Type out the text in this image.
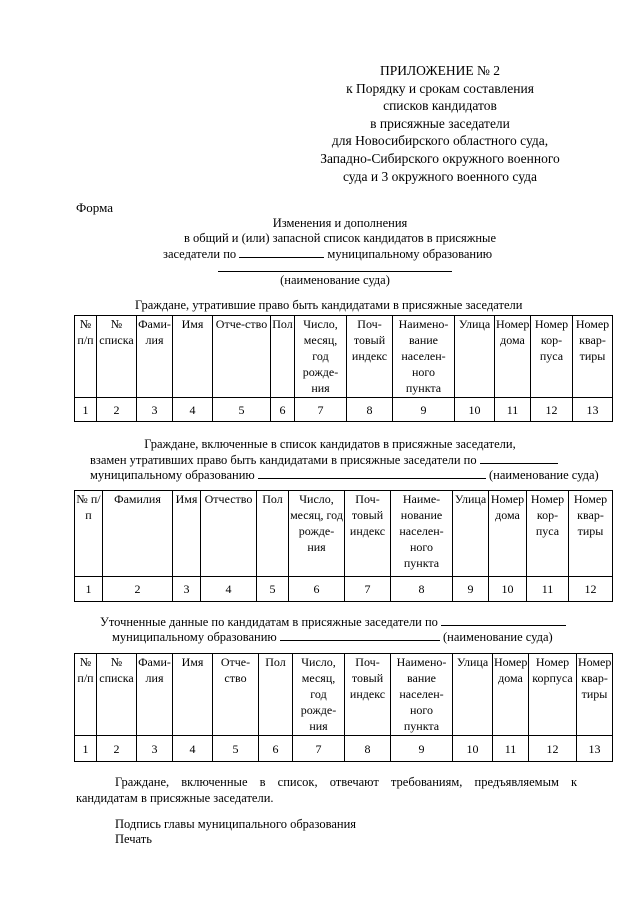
ПРИЛОЖЕНИЕ № 2
к Порядку и срокам составления
списков кандидатов
в присяжные заседатели
для Новосибирского областного суда,
Западно-Сибирского окружного военного
суда и 3 окружного военного суда
Форма
Изменения и дополнения
в общий и (или) запасной список кандидатов в присяжные
заседатели по	муниципальному образованию
(наименование суда)
Граждане, утратившие право быть кандидатами в присяжные заседатели
№ п/п	№ списка	Фами-лия	Имя	Отче-ство	Пол	Число, месяц, год рожде-ния	Поч-товый индекс	Наимено-вание населен-ного пункта	Улица	Номер дома	Номер кор-пуса	Номер квар-тиры
1	2	3	4	5	6	7	8	9	10	11	12	13
Граждане, включенные в список кандидатов в присяжные заседатели,
взамен утративших право быть кандидатами в присяжные заседатели по
муниципальному образованию	(наименование суда)
№ п/п	Фамилия	Имя	Отчество	Пол	Число, месяц, год рожде-ния	Поч-товый индекс	Наиме-нование населен-ного пункта	Улица	Номер дома	Номер кор-пуса	Номер квар-тиры
1	2	3	4	5	6	7	8	9	10	11	12
Уточненные данные по кандидатам в присяжные заседатели по
муниципальному образованию	(наименование суда)
№ п/п	№ списка	Фами-лия	Имя	Отче-ство	Пол	Число, месяц, год рожде-ния	Поч-товый индекс	Наимено-вание населен-ного пункта	Улица	Номер дома	Номер корпуса	Номер квар-тиры
1	2	3	4	5	6	7	8	9	10	11	12	13
Граждане, включенные в список, отвечают требованиям, предъявляемым к
кандидатам в присяжные заседатели.
Подпись главы муниципального образования
Печать
